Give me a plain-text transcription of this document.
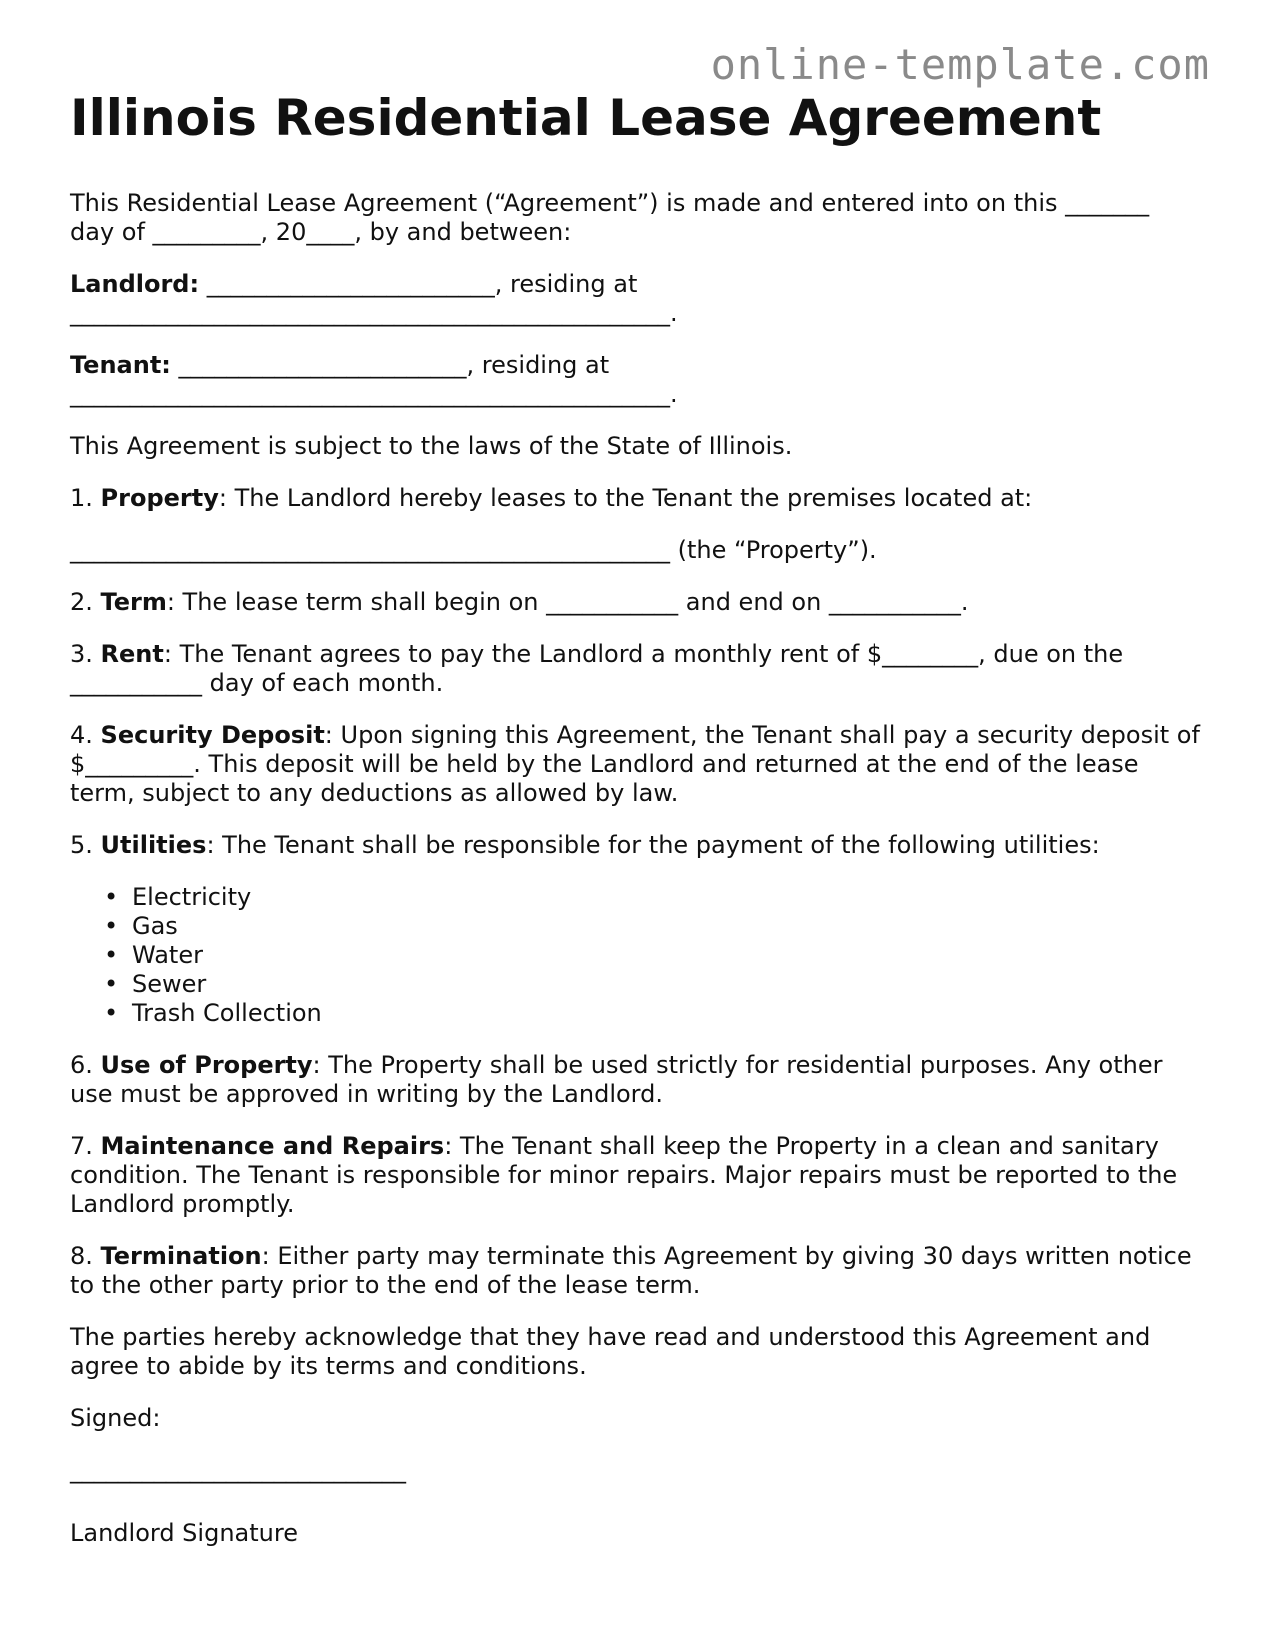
online-template.com
Illinois Residential Lease Agreement

This Residential Lease Agreement (“Agreement”) is made and entered into on this _______ day of _________, 20____, by and between:

Landlord: ________________________, residing at __________________________________________________.

Tenant: ________________________, residing at __________________________________________________.

This Agreement is subject to the laws of the State of Illinois.

1. Property: The Landlord hereby leases to the Tenant the premises located at:

__________________________________________________ (the “Property”).

2. Term: The lease term shall begin on ___________ and end on ___________.

3. Rent: The Tenant agrees to pay the Landlord a monthly rent of $________, due on the ___________ day of each month.

4. Security Deposit: Upon signing this Agreement, the Tenant shall pay a security deposit of $_________. This deposit will be held by the Landlord and returned at the end of the lease term, subject to any deductions as allowed by law.

5. Utilities: The Tenant shall be responsible for the payment of the following utilities:

• Electricity
• Gas
• Water
• Sewer
• Trash Collection

6. Use of Property: The Property shall be used strictly for residential purposes. Any other use must be approved in writing by the Landlord.

7. Maintenance and Repairs: The Tenant shall keep the Property in a clean and sanitary condition. The Tenant is responsible for minor repairs. Major repairs must be reported to the Landlord promptly.

8. Termination: Either party may terminate this Agreement by giving 30 days written notice to the other party prior to the end of the lease term.

The parties hereby acknowledge that they have read and understood this Agreement and agree to abide by its terms and conditions.

Signed:

____________________________

Landlord Signature
